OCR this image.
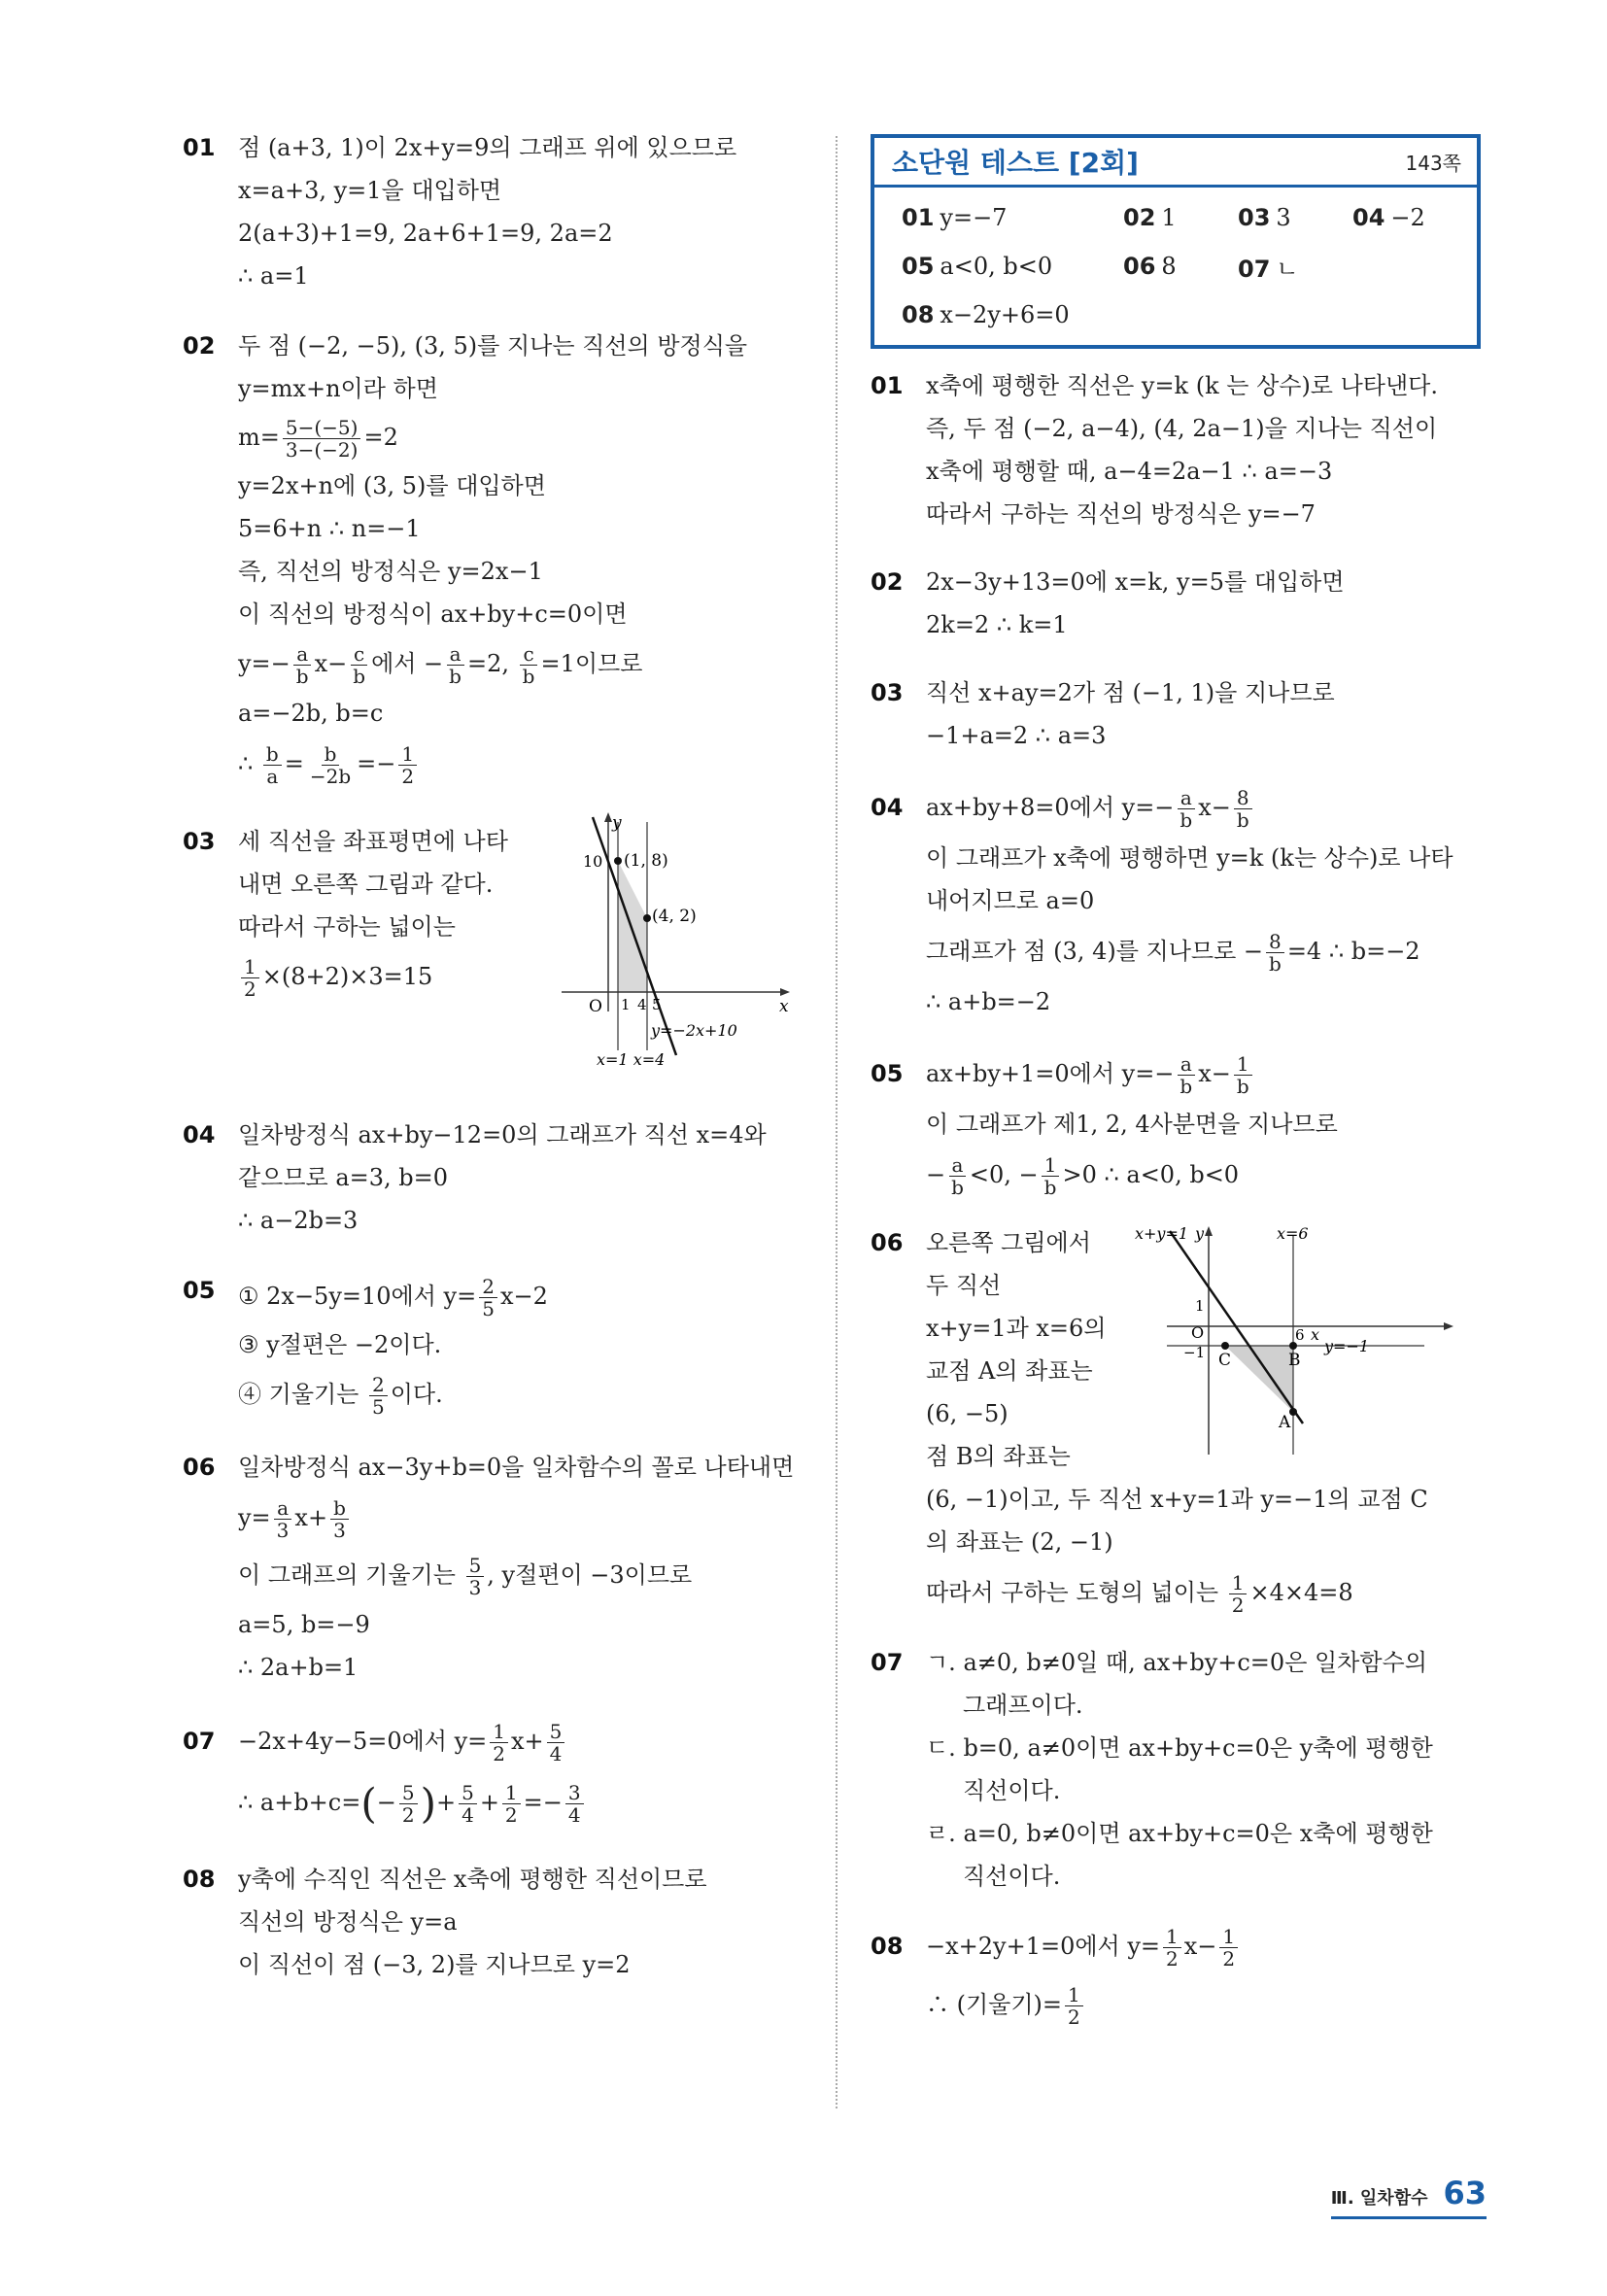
01 점 (a+3, 1)이 2x+y=9의 그래프 위에 있으므로
x=a+3, y=1을 대입하면
2(a+3)+1=9, 2a+6+1=9, 2a=2
∴ a=1
02 두 점 (−2, −5), (3, 5)를 지나는 직선의 방정식을
y=mx+n이라 하면
$m= \frac{5-(-5)}{3-(-2)} =2$
y=2x+n에 (3, 5)를 대입하면
5=6+n ∴ n=−1
즉, 직선의 방정식은 y=2x−1
이 직선의 방정식이 ax+by+c=0이면
$y=- \frac{a}{b} x- \frac{c}{b}$ 에서 − $\frac{a}{b} =2$, $\frac{c}{b} =1$이므로
a=−2b, b=c
∴ $\frac{b}{a} = \frac{b}{-2b} =- \frac{1}{2}$
03 세 직선을 좌표평면에 나타
내면 오른쪽 그림과 같다.
따라서 구하는 넓이는
$\frac{1}{2} \times(8+2)\times 3=15$
y
x
10
O 1 4 5
(1, 8)
(4, 2)
y=−2x+10
x=1 x=4
04 일차방정식 ax+by−12=0의 그래프가 직선 x=4와
같으므로 a=3, b=0
∴ a−2b=3
05 ① 2x−5y=10에서 $y= \frac{2}{5} x-2$
③ y절편은 −2이다.
④ 기울기는 $\frac{2}{5}$ 이다.
06 일차방정식 ax−3y+b=0을 일차함수의 꼴로 나타내면
$y= \frac{a}{3} x+ \frac{b}{3}$
이 그래프의 기울기는 $\frac{5}{3}$ , y절편이 −3이므로
a=5, b=−9
∴ 2a+b=1
07 −2x+4y−5=0에서 $y= \frac{1}{2} x+ \frac{5}{4}$
∴ $a+b+c=(- \frac{5}{2}$ )+ $\frac{5}{4} + \frac{1}{2} =- \frac{3}{4}$
08 y축에 수직인 직선은 x축에 평행한 직선이므로
직선의 방정식은 y=a
이 직선이 점 (−3, 2)를 지나므로 y=2
소단원 테스트 [2회]	143쪽
01 y=−7	02 1	03 3	04 −2
05 a<0, b<0	06 8	07 ㄴ
08 x−2y+6=0
01 x축에 평행한 직선은 y=k (k 는 상수)로 나타낸다.
즉, 두 점 (−2, a−4), (4, 2a−1)을 지나는 직선이
x축에 평행할 때, a−4=2a−1 ∴ a=−3
따라서 구하는 직선의 방정식은 y=−7
02 2x−3y+13=0에 x=k, y=5를 대입하면
2k=2 ∴ k=1
03 직선 x+ay=2가 점 (−1, 1)을 지나므로
−1+a=2 ∴ a=3
04 ax+by+8=0에서 $y=- \frac{a}{b} x- \frac{8}{b}$
이 그래프가 x축에 평행하면 y=k (k는 상수)로 나타
내어지므로 a=0
그래프가 점 (3, 4)를 지나므로 − $\frac{8}{b} =4$ ∴ b=−2
∴ a+b=−2
05 ax+by+1=0에서 $y=- \frac{a}{b} x- \frac{1}{b}$
이 그래프가 제1, 2, 4사분면을 지나므로
− $\frac{a}{b} <0$, − $\frac{1}{b} >0$ ∴ a<0, b<0
06 오른쪽 그림에서
두 직선
x+y=1과 x=6의
교점 A의 좌표는
(6, −5)
점 B의 좌표는
(6, −1)이고, 두 직선 x+y=1과 y=−1의 교점 C
의 좌표는 (2, −1)
따라서 구하는 도형의 넓이는 $\frac{1}{2} \times 4\times 4=8$
x+y=1 y	x=6
1
O	6 x
y=−1
−1 C	B
A
07 ㄱ. a≠0, b≠0일 때, ax+by+c=0은 일차함수의
그래프이다.
ㄷ. b=0, a≠0이면 ax+by+c=0은 y축에 평행한
직선이다.
ㄹ. a=0, b≠0이면 ax+by+c=0은 x축에 평행한
직선이다.
08 −x+2y+1=0에서 $y= \frac{1}{2} x- \frac{1}{2}$
∴ (기울기)= $\frac{1}{2}$
Ⅲ. 일차함수 63
